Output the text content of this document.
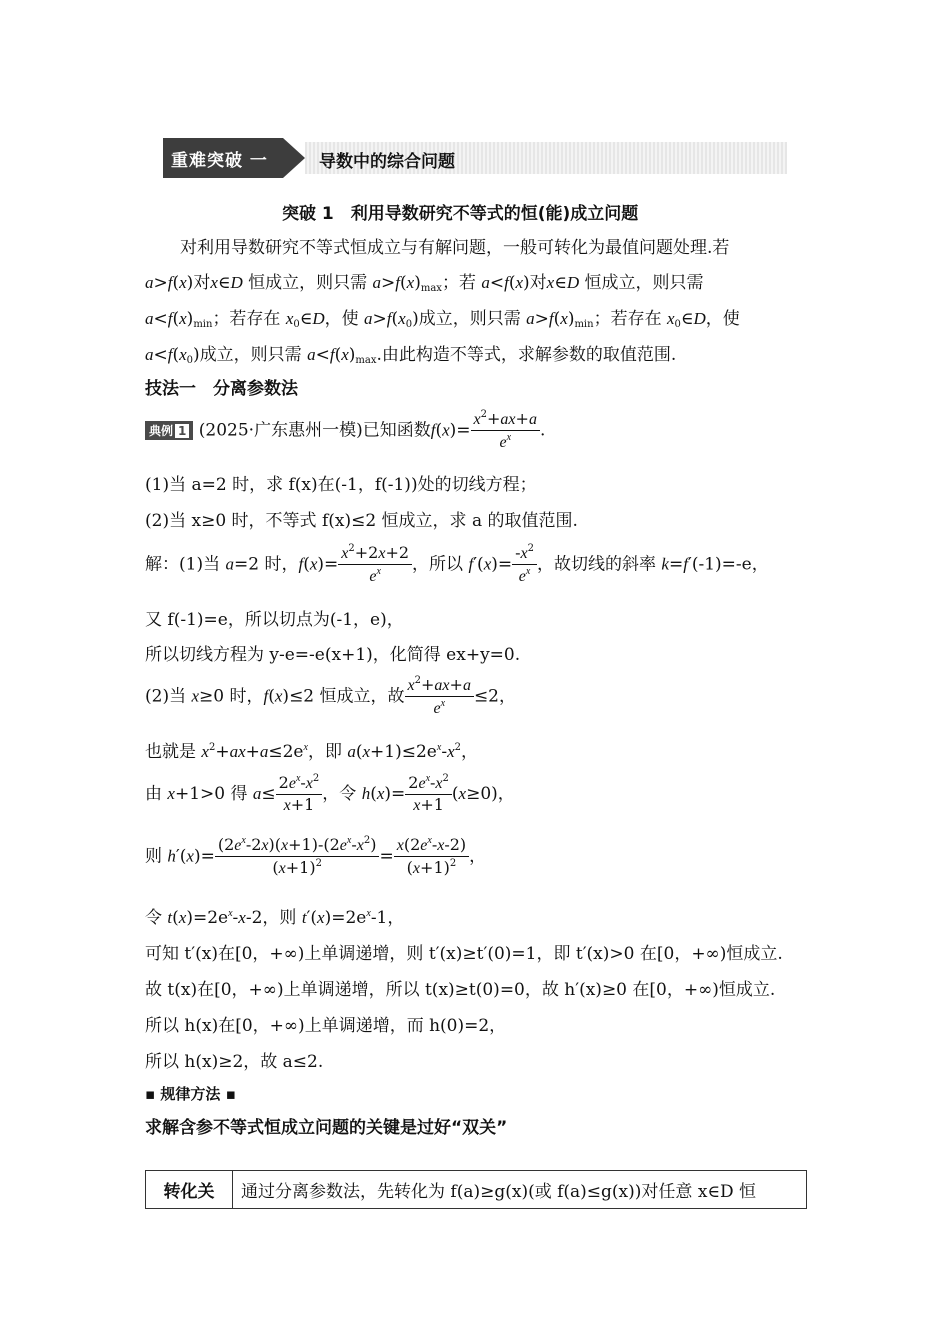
重难突破 一	导数中的综合问题
突破 1　利用导数研究不等式的恒(能)成立问题
对利用导数研究不等式恒成立与有解问题，一般可转化为最值问题处理.若
a>f(x)对x∈D 恒成立，则只需 $a>f(x)_{max}$；若 a<f(x)对x∈D 恒成立，则只需
$a<f(x)_{min}$；若存在 $x_0\in D$，使 $a>f(x_0)$成立，则只需 $a>f(x)_{min}$；若存在 $x_0\in D$，使
$a<f(x_0)$成立，则只需 $a<f(x)_{max}$.由此构造不等式，求解参数的取值范围.
技法一　分离参数法
典例 1 (2025·广东惠州一模)已知函数$f(x)= \frac{x^2+ax+a}{e^x}$ .
(1)当 a=2 时，求 f(x)在(-1，f(-1))处的切线方程；
(2)当 x≥0 时，不等式 f(x)≤2 恒成立，求 a 的取值范围.
解：(1)当 a=2 时，$f(x)= \frac{x^2+2x+2}{e^x}$ ，所以 $f'(x)= \frac{-x^2}{e^x}$ ，故切线的斜率 k=f′(-1)=-e，
又 f(-1)=e，所以切点为(-1，e)，
所以切线方程为 y-e=-e(x+1)，化简得 ex+y=0.
(2)当 x≥0 时，f(x)≤2 恒成立，故 $\frac{x^2+ax+a}{e^x} \le 2$，
也就是 $x^2+ax+a\le 2e^x$，即 $a(x+1)\le 2e^x-x^2$，
由 x+1>0 得 $a\le \frac{2e^x-x^2}{x+1}$ ，令 $h(x)= \frac{2e^x-x^2}{x+1} (x\ge 0)$，
则 $h'(x)= \frac{(2e^x-2x)(x+1)-(2e^x-x^2)}{(x+1)^2} = \frac{x(2e^x-x-2)}{(x+1)^2}$ ，
令 $t(x)=2e^x-x-2$，则 $t'(x)=2e^x-1$，
可知 t′(x)在[0，+∞)上单调递增，则 t′(x)≥t′(0)=1，即 t′(x)>0 在[0，+∞)恒成立.
故 t(x)在[0，+∞)上单调递增，所以 t(x)≥t(0)=0，故 h′(x)≥0 在[0，+∞)恒成立.
所以 h(x)在[0，+∞)上单调递增，而 h(0)=2，
所以 h(x)≥2，故 a≤2.
▪ 规律方法 ▪
求解含参不等式恒成立问题的关键是过好“双关”
转化关	通过分离参数法，先转化为 f(a)≥g(x)(或 f(a)≤g(x))对任意 x∈D 恒
